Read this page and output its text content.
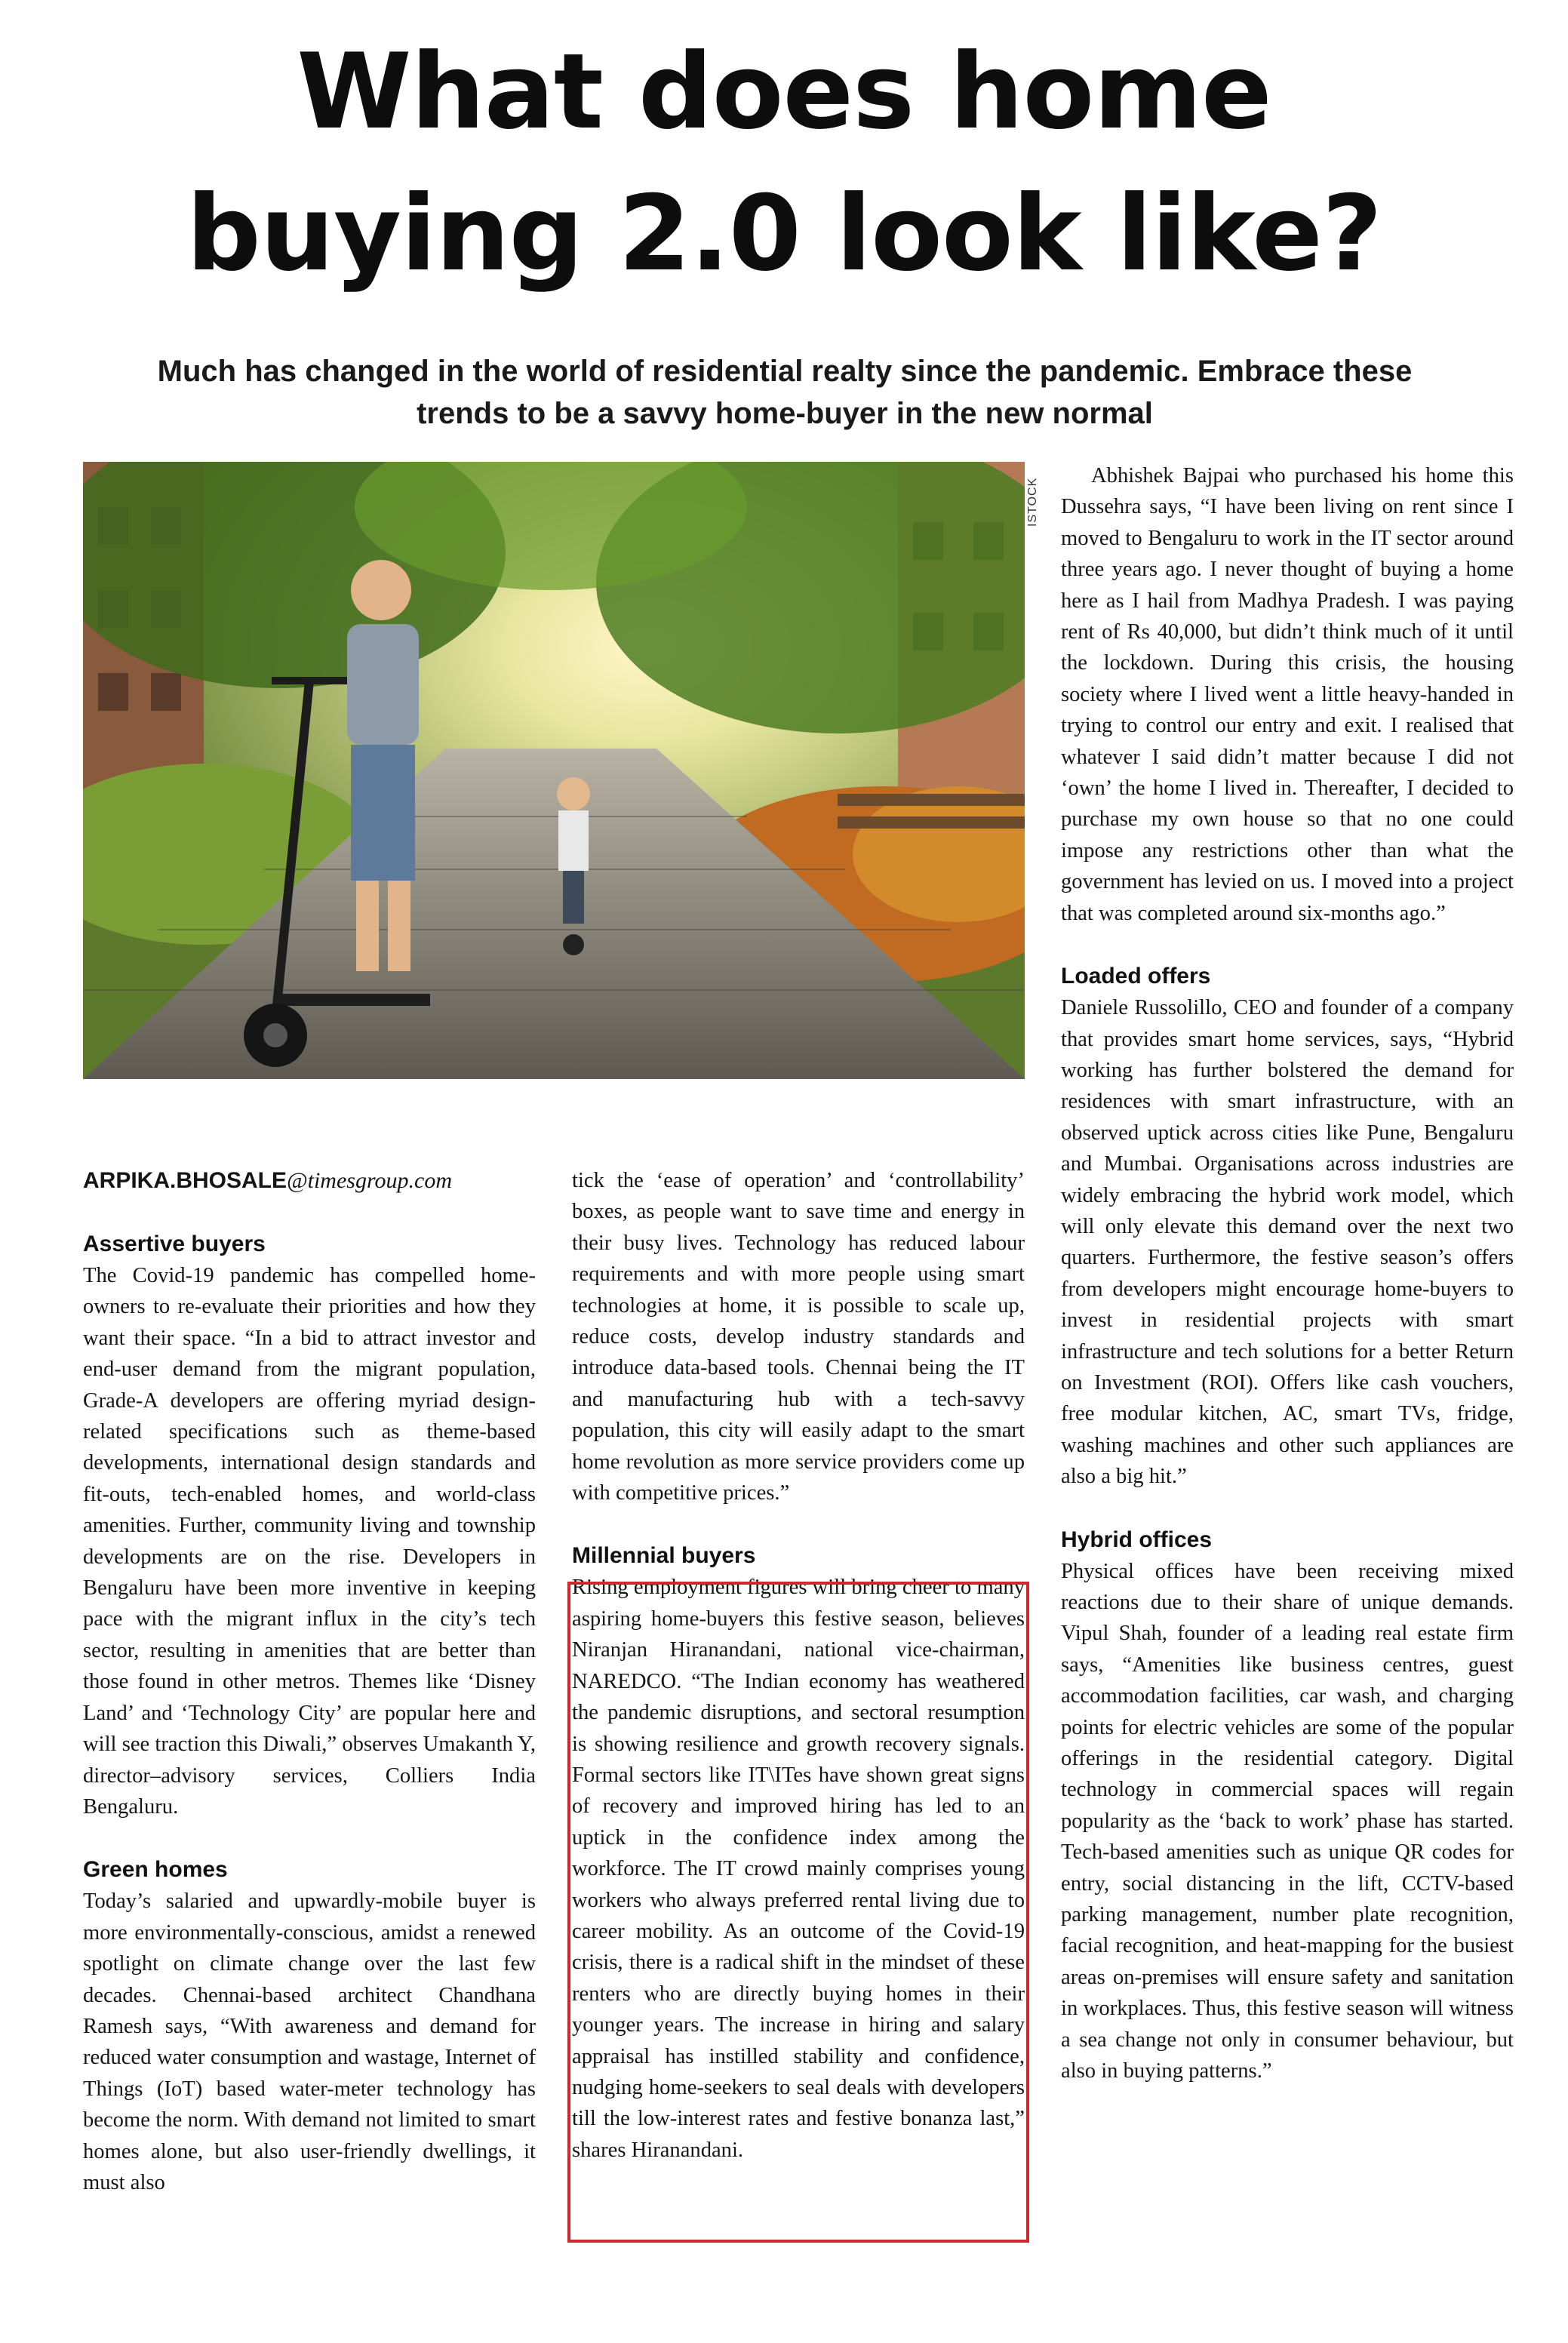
What does home
buying 2.0 look like?

Much has changed in the world of residential realty since the pandemic. Embrace these
trends to be a savvy home-buyer in the new normal

ISTOCK

ARPIKA.BHOSALE@timesgroup.com

Assertive buyers

The Covid-19 pandemic has compelled home-owners to re-evaluate their priorities and how they want their space. “In a bid to attract investor and end-user demand from the migrant population, Grade-A developers are offering myriad design-related specifications such as theme-based developments, international design standards and fit-outs, tech-enabled homes, and world-class amenities. Further, community living and township developments are on the rise. Developers in Bengaluru have been more inventive in keeping pace with the migrant influx in the city’s tech sector, resulting in amenities that are better than those found in other metros. Themes like ‘Disney Land’ and ‘Technology City’ are popular here and will see traction this Diwali,” observes Umakanth Y, director–advisory services, Colliers India Bengaluru.

Green homes

Today’s salaried and upwardly-mobile buyer is more environmentally-conscious, amidst a renewed spotlight on climate change over the last few decades. Chennai-based architect Chandhana Ramesh says, “With awareness and demand for reduced water consumption and wastage, Internet of Things (IoT) based water-meter technology has become the norm. With demand not limited to smart homes alone, but also user-friendly dwellings, it must also

tick the ‘ease of operation’ and ‘controllability’ boxes, as people want to save time and energy in their busy lives. Technology has reduced labour requirements and with more people using smart technologies at home, it is possible to scale up, reduce costs, develop industry standards and introduce data-based tools. Chennai being the IT and manufacturing hub with a tech-savvy population, this city will easily adapt to the smart home revolution as more service providers come up with competitive prices.”

Millennial buyers

Rising employment figures will bring cheer to many aspiring home-buyers this festive season, believes Niranjan Hiranandani, national vice-chairman, NAREDCO. “The Indian economy has weathered the pandemic disruptions, and sectoral resumption is showing resilience and growth recovery signals. Formal sectors like IT\ITes have shown great signs of recovery and improved hiring has led to an uptick in the confidence index among the workforce. The IT crowd mainly comprises young workers who always preferred rental living due to career mobility. As an outcome of the Covid-19 crisis, there is a radical shift in the mindset of these renters who are directly buying homes in their younger years. The increase in hiring and salary appraisal has instilled stability and confidence, nudging home-seekers to seal deals with developers till the low-interest rates and festive bonanza last,” shares Hiranandani.

Abhishek Bajpai who purchased his home this Dussehra says, “I have been living on rent since I moved to Bengaluru to work in the IT sector around three years ago. I never thought of buying a home here as I hail from Madhya Pradesh. I was paying rent of Rs 40,000, but didn’t think much of it until the lockdown. During this crisis, the housing society where I lived went a little heavy-handed in trying to control our entry and exit. I realised that whatever I said didn’t matter because I did not ‘own’ the home I lived in. Thereafter, I decided to purchase my own house so that no one could impose any restrictions other than what the government has levied on us. I moved into a project that was completed around six-months ago.”

Loaded offers

Daniele Russolillo, CEO and founder of a company that provides smart home services, says, “Hybrid working has further bolstered the demand for residences with smart infrastructure, with an observed uptick across cities like Pune, Bengaluru and Mumbai. Organisations across industries are widely embracing the hybrid work model, which will only elevate this demand over the next two quarters. Furthermore, the festive season’s offers from developers might encourage home-buyers to invest in residential projects with smart infrastructure and tech solutions for a better Return on Investment (ROI). Offers like cash vouchers, free modular kitchen, AC, smart TVs, fridge, washing machines and other such appliances are also a big hit.”

Hybrid offices

Physical offices have been receiving mixed reactions due to their share of unique demands. Vipul Shah, founder of a leading real estate firm says, “Amenities like business centres, guest accommodation facilities, car wash, and charging points for electric vehicles are some of the popular offerings in the residential category. Digital technology in commercial spaces will regain popularity as the ‘back to work’ phase has started. Tech-based amenities such as unique QR codes for entry, social distancing in the lift, CCTV-based parking management, number plate recognition, facial recognition, and heat-mapping for the busiest areas on-premises will ensure safety and sanitation in workplaces. Thus, this festive season will witness a sea change not only in consumer behaviour, but also in buying patterns.”
